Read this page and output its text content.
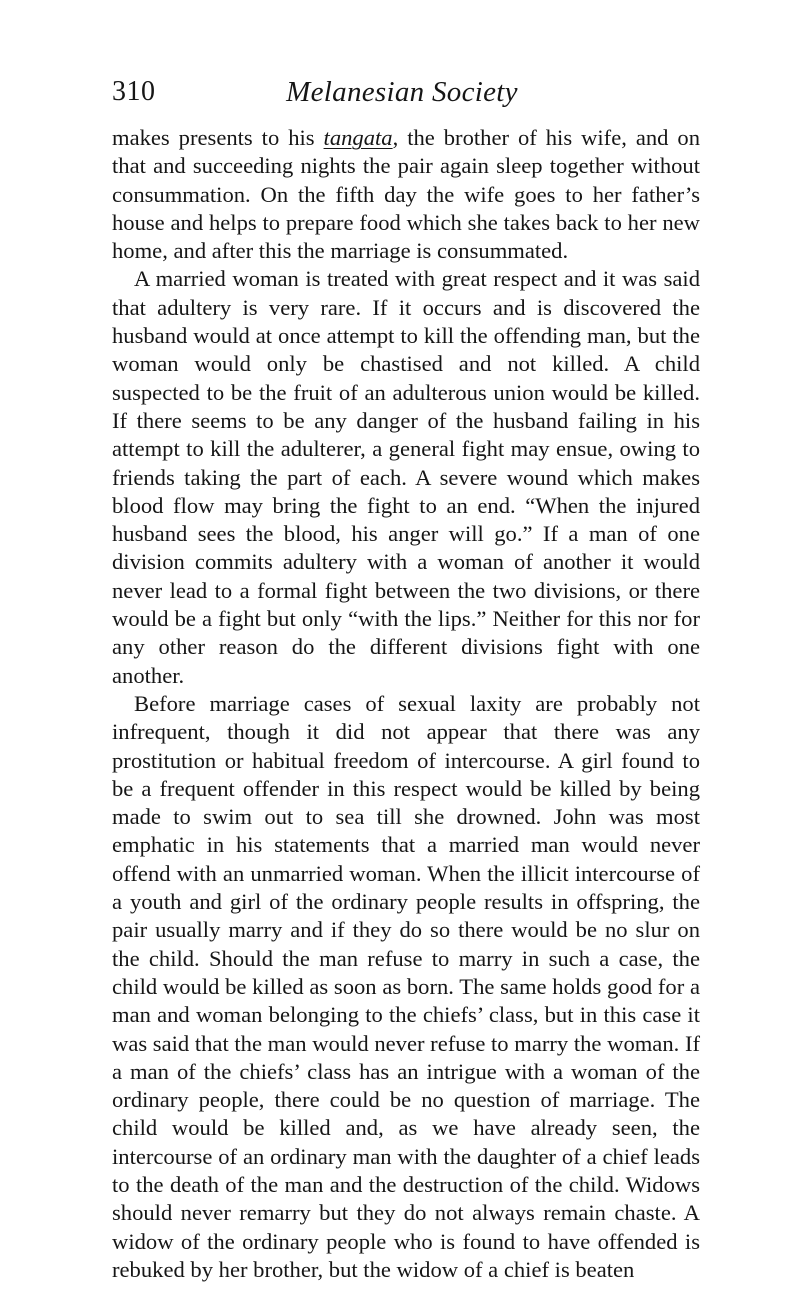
310	Melanesian Society

makes presents to his tangata, the brother of his wife, and on that and succeeding nights the pair again sleep together without consummation. On the fifth day the wife goes to her father’s house and helps to prepare food which she takes back to her new home, and after this the marriage is consummated.

A married woman is treated with great respect and it was said that adultery is very rare. If it occurs and is discovered the husband would at once attempt to kill the offending man, but the woman would only be chastised and not killed. A child suspected to be the fruit of an adulterous union would be killed. If there seems to be any danger of the husband failing in his attempt to kill the adulterer, a general fight may ensue, owing to friends taking the part of each. A severe wound which makes blood flow may bring the fight to an end. “When the injured husband sees the blood, his anger will go.” If a man of one division commits adultery with a woman of another it would never lead to a formal fight between the two divisions, or there would be a fight but only “with the lips.” Neither for this nor for any other reason do the different divisions fight with one another.

Before marriage cases of sexual laxity are probably not infrequent, though it did not appear that there was any prostitution or habitual freedom of intercourse. A girl found to be a frequent offender in this respect would be killed by being made to swim out to sea till she drowned. John was most emphatic in his statements that a married man would never offend with an unmarried woman. When the illicit intercourse of a youth and girl of the ordinary people results in offspring, the pair usually marry and if they do so there would be no slur on the child. Should the man refuse to marry in such a case, the child would be killed as soon as born. The same holds good for a man and woman belonging to the chiefs’ class, but in this case it was said that the man would never refuse to marry the woman. If a man of the chiefs’ class has an intrigue with a woman of the ordinary people, there could be no question of marriage. The child would be killed and, as we have already seen, the intercourse of an ordinary man with the daughter of a chief leads to the death of the man and the destruction of the child. Widows should never remarry but they do not always remain chaste. A widow of the ordinary people who is found to have offended is rebuked by her brother, but the widow of a chief is beaten
